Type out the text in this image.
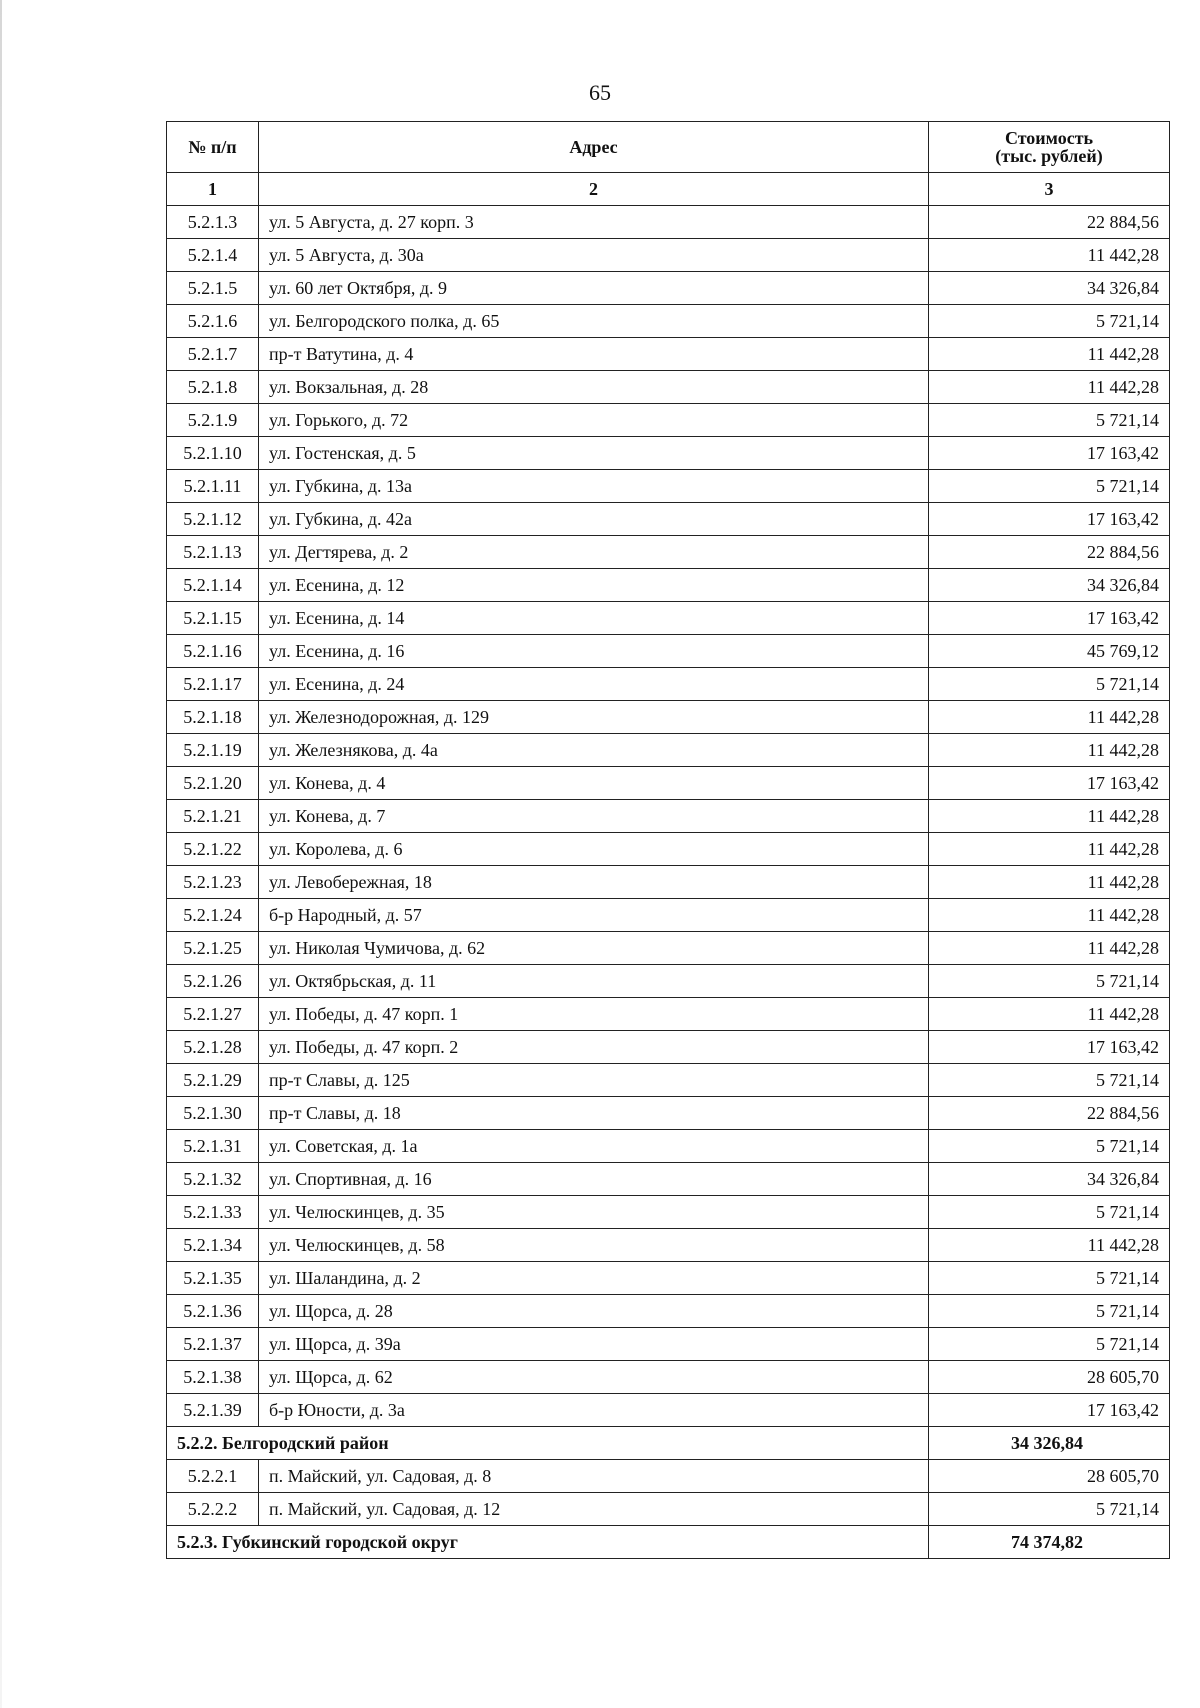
65
№ п/п	Адрес	Стоимость
(тыс. рублей)

1	2	3
5.2.1.3	ул. 5 Августа, д. 27 корп. 3	22 884,56
5.2.1.4	ул. 5 Августа, д. 30а	11 442,28
5.2.1.5	ул. 60 лет Октября, д. 9	34 326,84
5.2.1.6	ул. Белгородского полка, д. 65	5 721,14
5.2.1.7	пр-т Ватутина, д. 4	11 442,28
5.2.1.8	ул. Вокзальная, д. 28	11 442,28
5.2.1.9	ул. Горького, д. 72	5 721,14
5.2.1.10	ул. Гостенская, д. 5	17 163,42
5.2.1.11	ул. Губкина, д. 13а	5 721,14
5.2.1.12	ул. Губкина, д. 42а	17 163,42
5.2.1.13	ул. Дегтярева, д. 2	22 884,56
5.2.1.14	ул. Есенина, д. 12	34 326,84
5.2.1.15	ул. Есенина, д. 14	17 163,42
5.2.1.16	ул. Есенина, д. 16	45 769,12
5.2.1.17	ул. Есенина, д. 24	5 721,14
5.2.1.18	ул. Железнодорожная, д. 129	11 442,28
5.2.1.19	ул. Железнякова, д. 4а	11 442,28
5.2.1.20	ул. Конева, д. 4	17 163,42
5.2.1.21	ул. Конева, д. 7	11 442,28
5.2.1.22	ул. Королева, д. 6	11 442,28
5.2.1.23	ул. Левобережная, 18	11 442,28
5.2.1.24	б-р Народный, д. 57	11 442,28
5.2.1.25	ул. Николая Чумичова, д. 62	11 442,28
5.2.1.26	ул. Октябрьская, д. 11	5 721,14
5.2.1.27	ул. Победы, д. 47 корп. 1	11 442,28
5.2.1.28	ул. Победы, д. 47 корп. 2	17 163,42
5.2.1.29	пр-т Славы, д. 125	5 721,14
5.2.1.30	пр-т Славы, д. 18	22 884,56
5.2.1.31	ул. Советская, д. 1а	5 721,14
5.2.1.32	ул. Спортивная, д. 16	34 326,84
5.2.1.33	ул. Челюскинцев, д. 35	5 721,14
5.2.1.34	ул. Челюскинцев, д. 58	11 442,28
5.2.1.35	ул. Шаландина, д. 2	5 721,14
5.2.1.36	ул. Щорса, д. 28	5 721,14
5.2.1.37	ул. Щорса, д. 39а	5 721,14
5.2.1.38	ул. Щорса, д. 62	28 605,70
5.2.1.39	б-р Юности, д. 3а	17 163,42
5.2.2. Белгородский район		34 326,84
5.2.2.1	п. Майский, ул. Садовая, д. 8	28 605,70
5.2.2.2	п. Майский, ул. Садовая, д. 12	5 721,14
5.2.3. Губкинский городской округ		74 374,82
